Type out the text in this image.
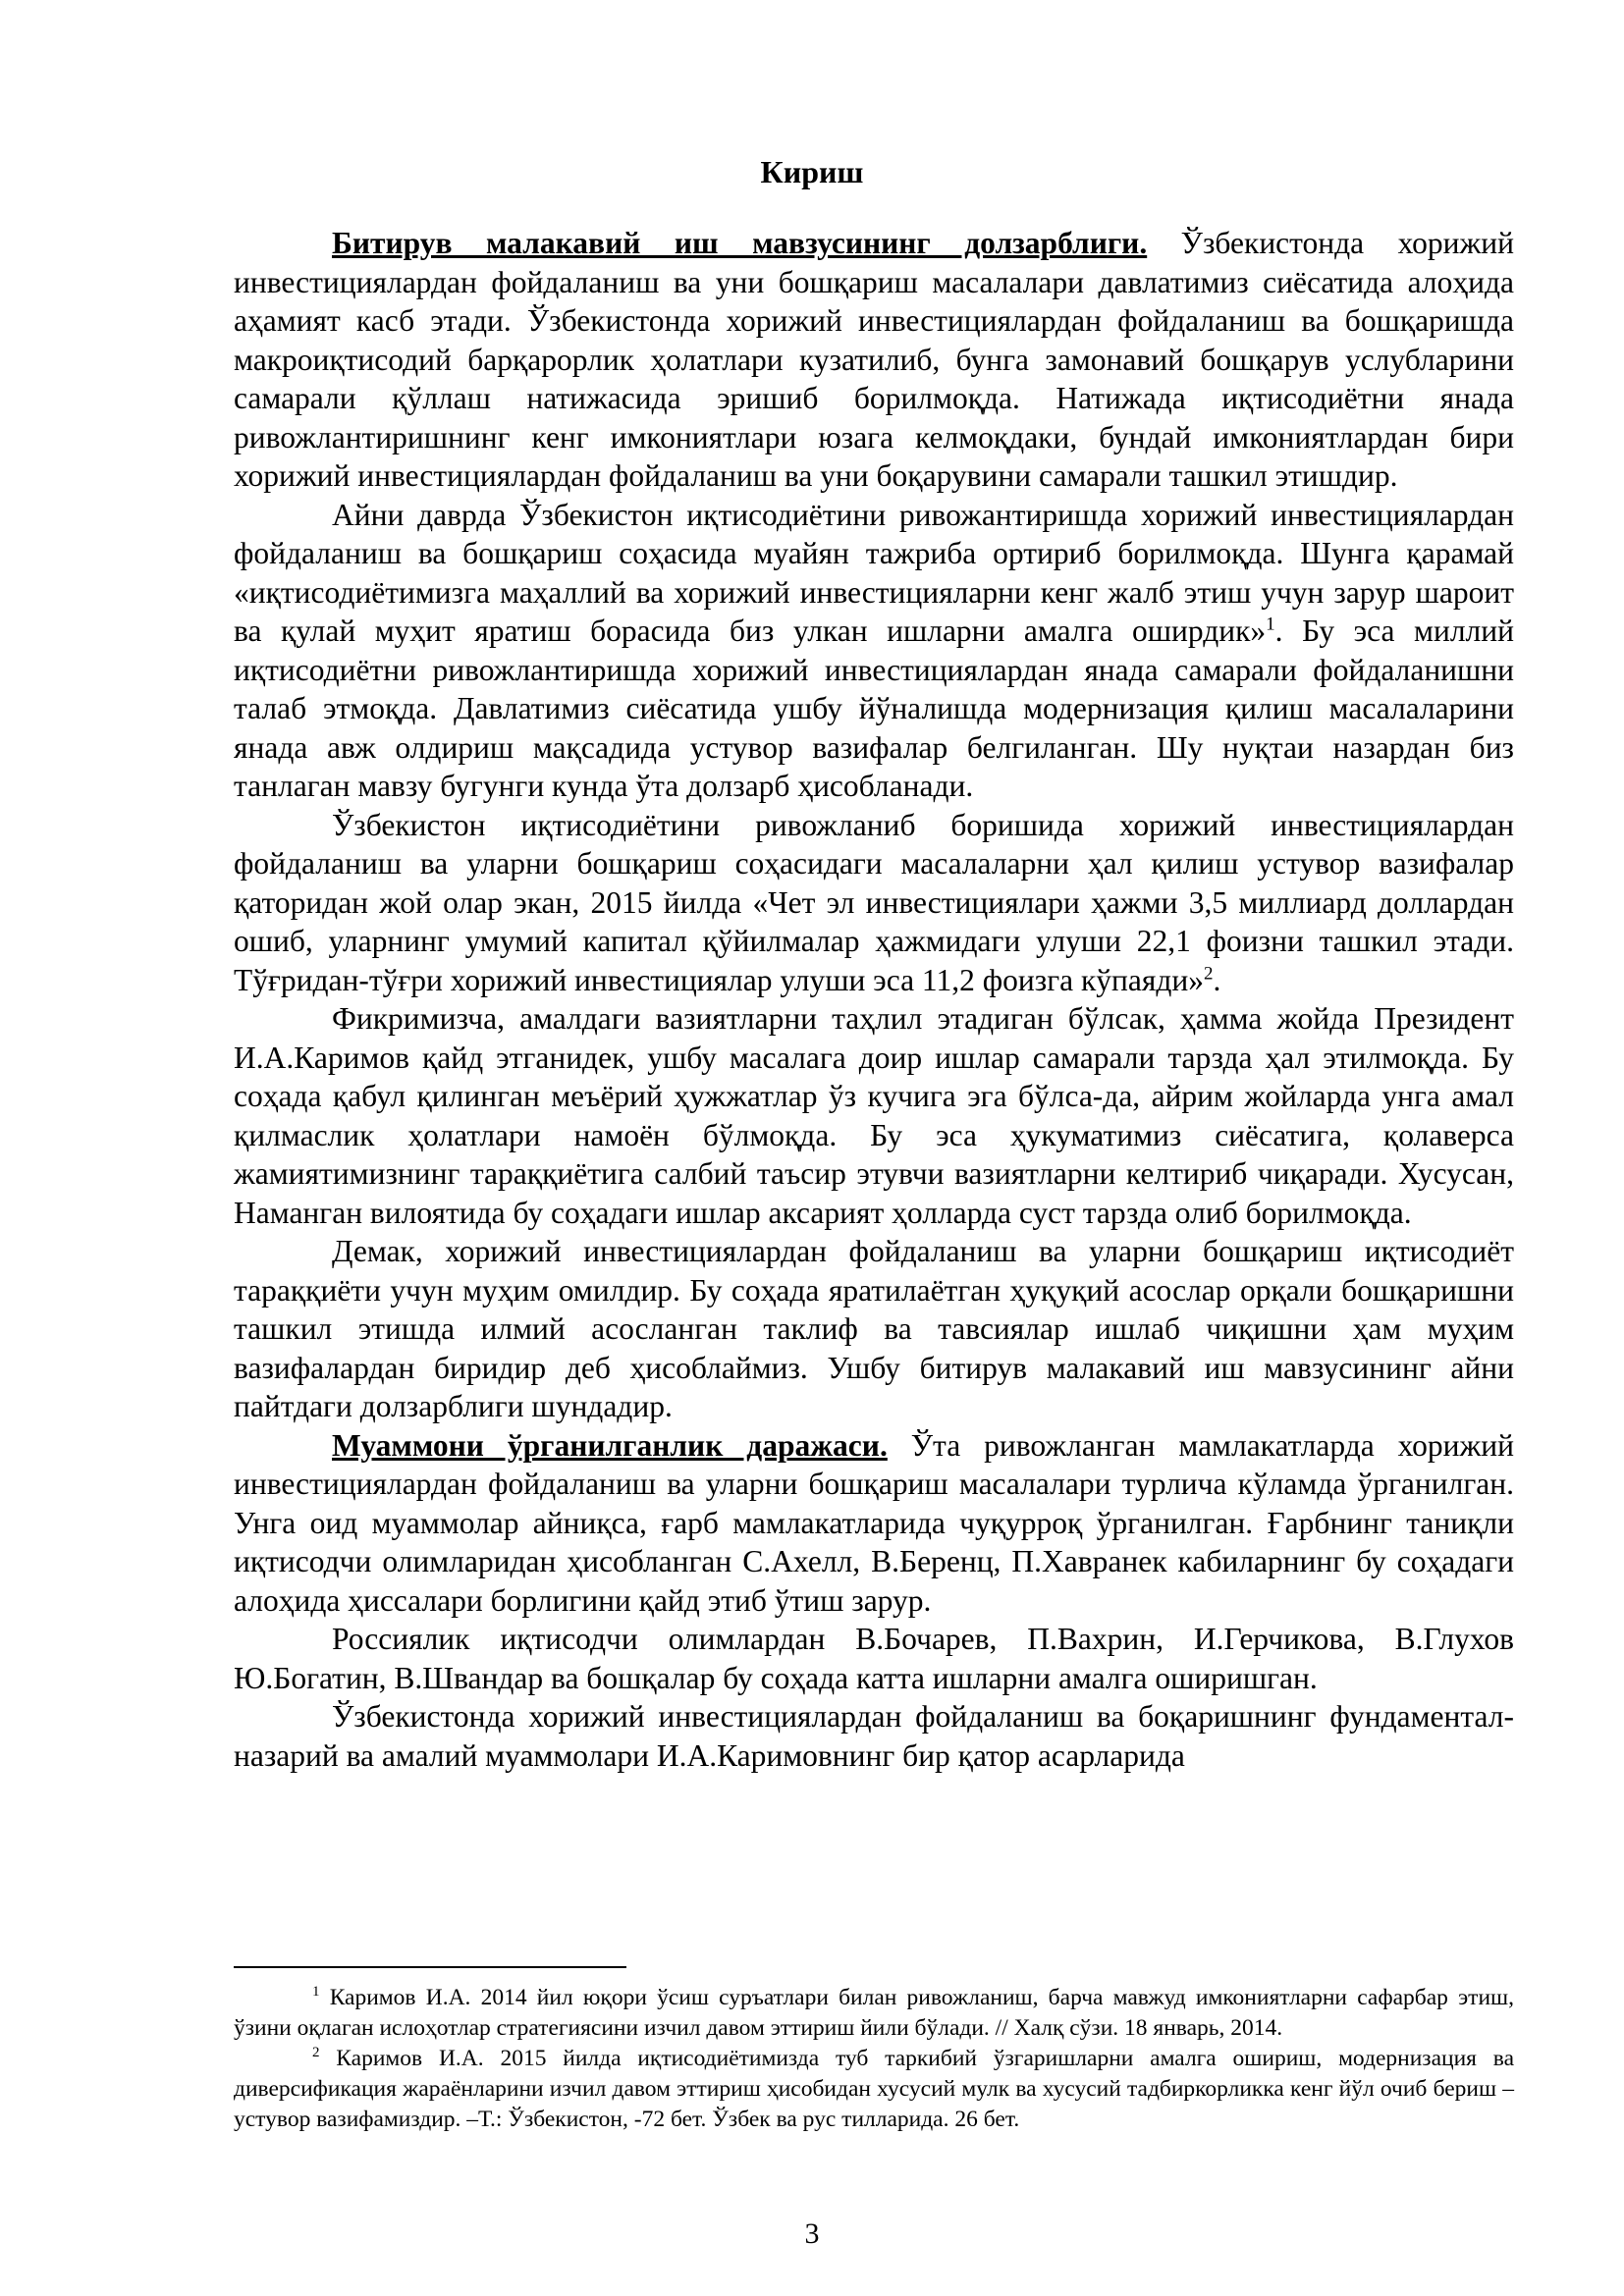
Кириш

Битирув малакавий иш мавзусининг долзарблиги. Ўзбекистонда хорижий инвестициялардан фойдаланиш ва уни бошқариш масалалари давлатимиз сиёсатида алоҳида аҳамият касб этади. Ўзбекистонда хорижий инвестициялардан фойдаланиш ва бошқаришда макроиқтисодий барқарорлик ҳолатлари кузатилиб, бунга замонавий бошқарув услубларини самарали қўллаш натижасида эришиб борилмоқда. Натижада иқтисодиётни янада ривожлантиришнинг кенг имкониятлари юзага келмоқдаки, бундай имкониятлардан бири хорижий инвестициялардан фойдаланиш ва уни боқарувини самарали ташкил этишдир.

Айни даврда Ўзбекистон иқтисодиётини ривожантиришда хорижий инвестициялардан фойдаланиш ва бошқариш соҳасида муайян тажриба ортириб борилмоқда. Шунга қарамай «иқтисодиётимизга маҳаллий ва хорижий инвестицияларни кенг жалб этиш учун зарур шароит ва қулай муҳит яратиш борасида биз улкан ишларни амалга оширдик»$^1$. Бу эса миллий иқтисодиётни ривожлантиришда хорижий инвестициялардан янада самарали фойдаланишни талаб этмоқда. Давлатимиз сиёсатида ушбу йўналишда модернизация қилиш масалаларини янада авж олдириш мақсадида устувор вазифалар белгиланган. Шу нуқтаи назардан биз танлаган мавзу бугунги кунда ўта долзарб ҳисобланади.

Ўзбекистон иқтисодиётини ривожланиб боришида хорижий инвестициялардан фойдаланиш ва уларни бошқариш соҳасидаги масалаларни ҳал қилиш устувор вазифалар қаторидан жой олар экан, 2015 йилда «Чет эл инвестициялари ҳажми 3,5 миллиард доллардан ошиб, уларнинг умумий капитал қўйилмалар ҳажмидаги улуши 22,1 фоизни ташкил этади. Тўғридан-тўғри хорижий инвестициялар улуши эса 11,2 фоизга кўпаяди»$^2$.

Фикримизча, амалдаги вазиятларни таҳлил этадиган бўлсак, ҳамма жойда Президент И.А.Каримов қайд этганидек, ушбу масалага доир ишлар самарали тарзда ҳал этилмоқда. Бу соҳада қабул қилинган меъёрий ҳужжатлар ўз кучига эга бўлса-да, айрим жойларда унга амал қилмаслик ҳолатлари намоён бўлмоқда. Бу эса ҳукуматимиз сиёсатига, қолаверса жамиятимизнинг тараққиётига салбий таъсир этувчи вазиятларни келтириб чиқаради. Хусусан, Наманган вилоятида бу соҳадаги ишлар аксарият ҳолларда суст тарзда олиб борилмоқда.

Демак, хорижий инвестициялардан фойдаланиш ва уларни бошқариш иқтисодиёт тараққиёти учун муҳим омилдир. Бу соҳада яратилаётган ҳуқуқий асослар орқали бошқаришни ташкил этишда илмий асосланган таклиф ва тавсиялар ишлаб чиқишни ҳам муҳим вазифалардан биридир деб ҳисоблаймиз. Ушбу битирув малакавий иш мавзусининг айни пайтдаги долзарблиги шундадир.

Муаммони ўрганилганлик даражаси. Ўта ривожланган мамлакатларда хорижий инвестициялардан фойдаланиш ва уларни бошқариш масалалари турлича кўламда ўрганилган. Унга оид муаммолар айниқса, ғарб мамлакатларида чуқурроқ ўрганилган. Ғарбнинг таниқли иқтисодчи олимларидан ҳисобланган С.Ахелл, В.Беренц, П.Хавранек кабиларнинг бу соҳадаги алоҳида ҳиссалари борлигини қайд этиб ўтиш зарур.

Россиялик иқтисодчи олимлардан В.Бочарев, П.Вахрин, И.Герчикова, В.Глухов Ю.Богатин, В.Швандар ва бошқалар бу соҳада катта ишларни амалга оширишган.

Ўзбекистонда хорижий инвестициялардан фойдаланиш ва боқаришнинг фундаментал-назарий ва амалий муаммолари И.А.Каримовнинг бир қатор асарларида

$^1$ Каримов И.А. 2014 йил юқори ўсиш суръатлари билан ривожланиш, барча мавжуд имкониятларни сафарбар этиш, ўзини оқлаган ислоҳотлар стратегиясини изчил давом эттириш йили бўлади. // Халқ сўзи. 18 январь, 2014.

$^2$ Каримов И.А. 2015 йилда иқтисодиётимизда туб таркибий ўзгаришларни амалга ошириш, модернизация ва диверсификация жараёнларини изчил давом эттириш ҳисобидан хусусий мулк ва хусусий тадбиркорликка кенг йўл очиб бериш – устувор вазифамиздир. –Т.: Ўзбекистон, -72 бет. Ўзбек ва рус тилларида. 26 бет.

3
